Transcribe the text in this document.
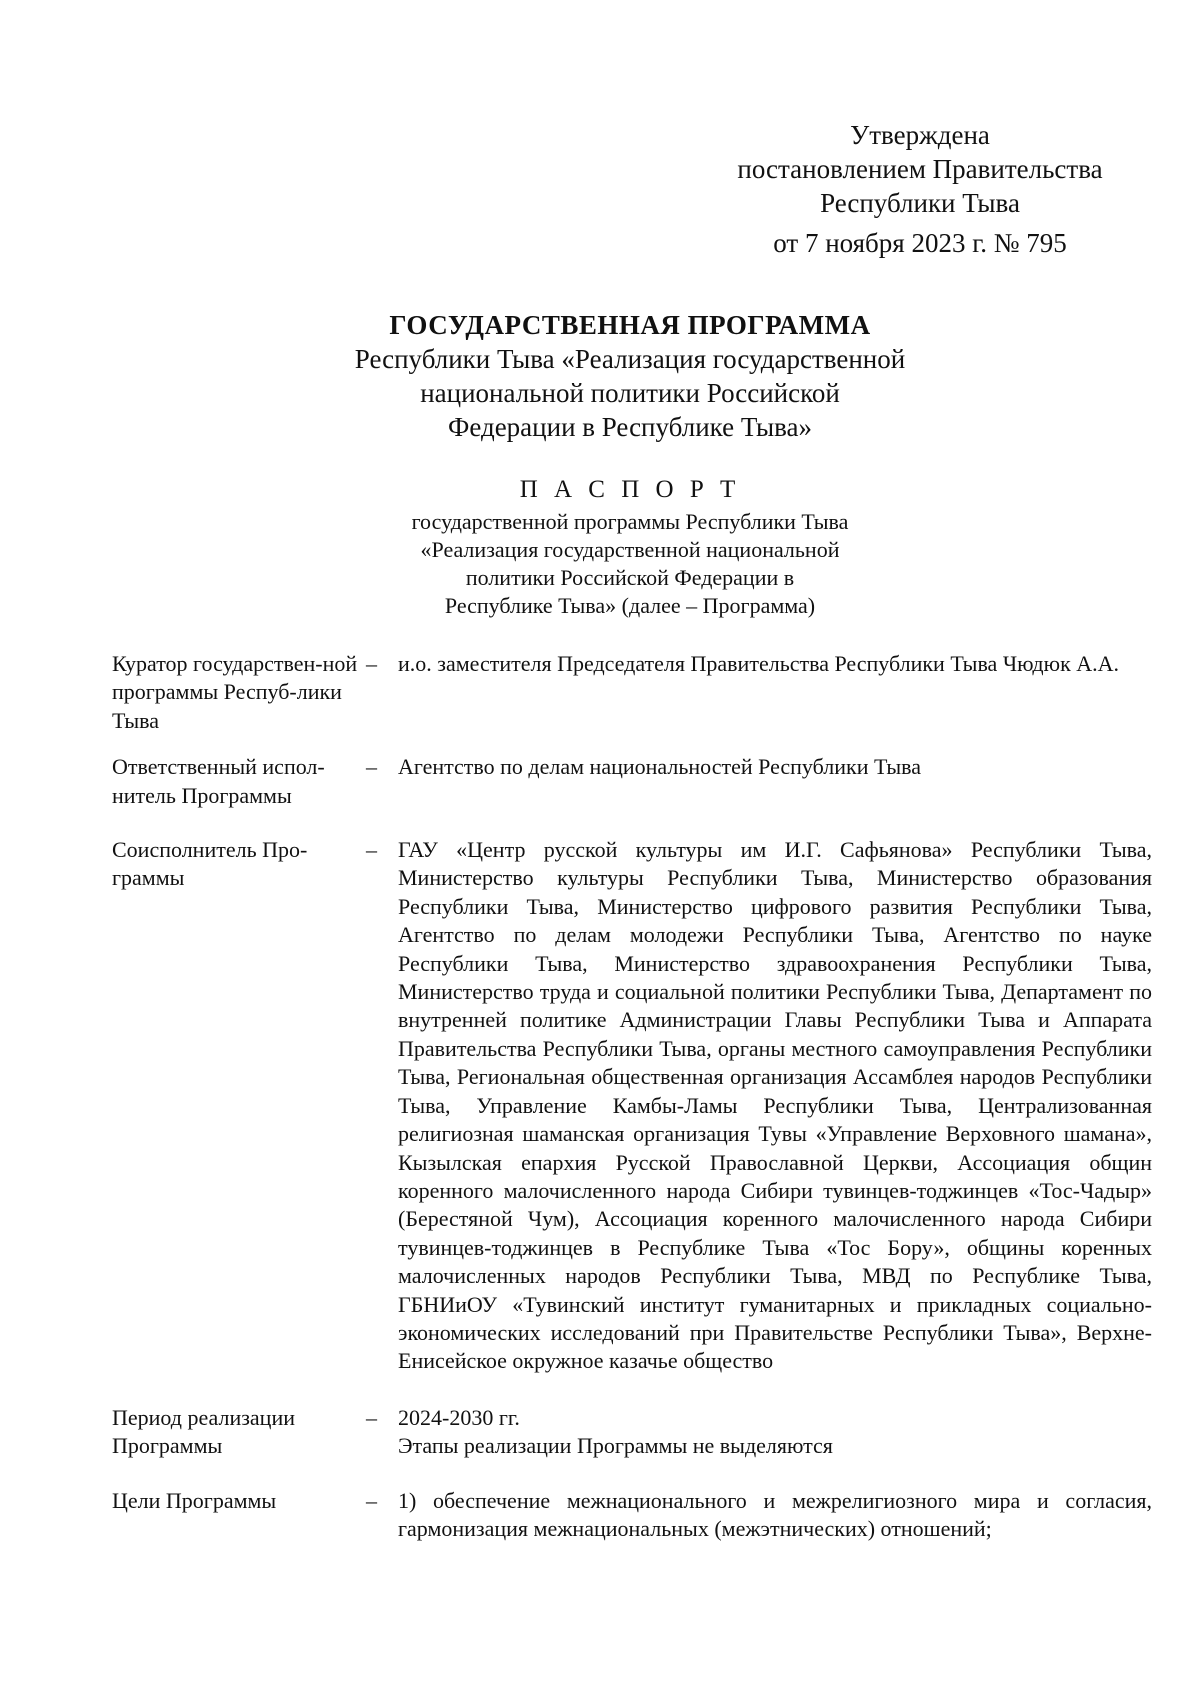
Утверждена
постановлением Правительства
Республики Тыва
от 7 ноября 2023 г. № 795
ГОСУДАРСТВЕННАЯ ПРОГРАММА
Республики Тыва «Реализация государственной
национальной политики Российской
Федерации в Республике Тыва»
П А С П О Р Т
государственной программы Республики Тыва
«Реализация государственной национальной
политики Российской Федерации в
Республике Тыва» (далее – Программа)
Куратор государствен-ной программы Респуб-лики Тыва
– и.о. заместителя Председателя Правительства Республики Тыва Чюдюк А.А.
Ответственный испол-нитель Программы
– Агентство по делам национальностей Республики Тыва
Соисполнитель Про-граммы
– ГАУ «Центр русской культуры им И.Г. Сафьянова» Республики Тыва, Министерство культуры Республики Тыва, Министерство образования Республики Тыва, Министерство цифрового развития Республики Тыва, Агентство по делам молодежи Республики Тыва, Агентство по науке Республики Тыва, Министерство здравоохранения Республики Тыва, Министерство труда и социальной политики Республики Тыва, Департамент по внутренней политике Администрации Главы Республики Тыва и Аппарата Правительства Республики Тыва, органы местного самоуправления Республики Тыва, Региональная общественная организация Ассамблея народов Республики Тыва, Управление Камбы-Ламы Республики Тыва, Централизованная религиозная шаманская организация Тувы «Управление Верховного шамана», Кызылская епархия Русской Православной Церкви, Ассоциация общин коренного малочисленного народа Сибири тувинцев-тоджинцев «Тос-Чадыр» (Берестяной Чум), Ассоциация коренного малочисленного народа Сибири тувинцев-тоджинцев в Республике Тыва «Тос Бору», общины коренных малочисленных народов Республики Тыва, МВД по Республике Тыва, ГБНИиОУ «Тувинский институт гуманитарных и прикладных социально-экономических исследований при Правительстве Республики Тыва», Верхне-Енисейское окружное казачье общество
Период реализации Программы
– 2024-2030 гг.
Этапы реализации Программы не выделяются
Цели Программы	– 1) обеспечение межнационального и межрелигиозного мира и согласия, гармонизация межнациональных (межэтнических) отношений;
